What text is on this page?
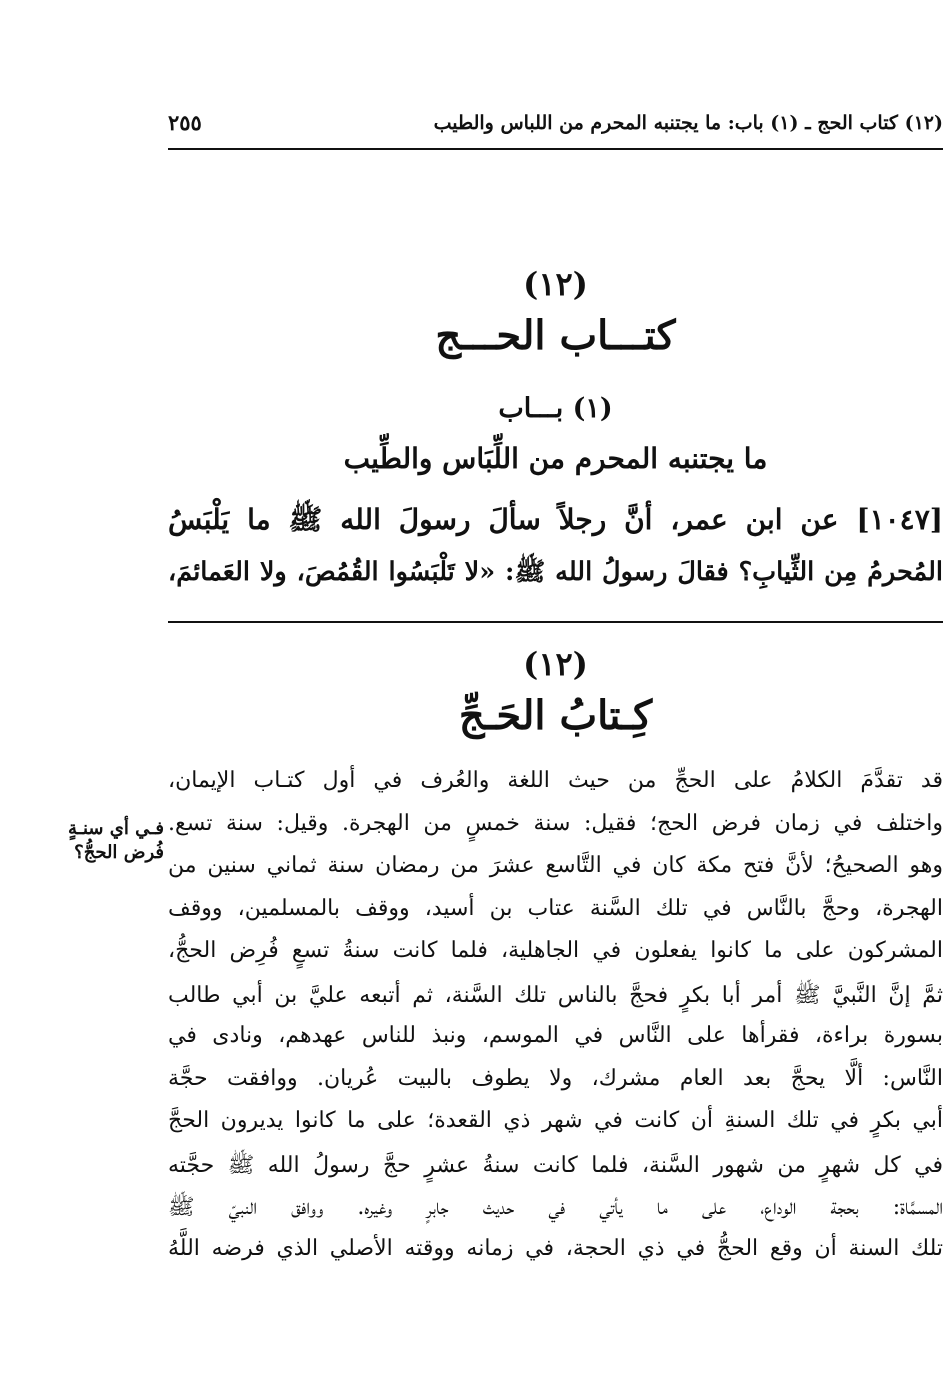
(١٢) كتاب الحج ـ (١) باب: ما يجتنبه المحرم من اللباس والطيب
٢٥٥
(١٢)
كتـــاب الحـــج
(١) بـــاب
ما يجتنبه المحرم من اللِّبَاس والطِّيب
[١٠٤٧] عن ابن عمر، أنَّ رجلاً سألَ رسولَ الله ﷺ ما يَلْبَسُ
المُحرمُ مِن الثِّيابِ؟ فقالَ رسولُ الله ﷺ: «لا تَلْبَسُوا القُمُصَ، ولا العَمائمَ،
(١٢)
كِـتابُ الحَـجِّ
قد تقدَّمَ الكلامُ على الحجِّ من حيث اللغة والعُرف في أول كتـاب الإيمان،
واختلف في زمان فرض الحج؛ فقيل: سنة خمسٍ من الهجرة. وقيل: سنة تسع.
وهو الصحيحُ؛ لأنَّ فتح مكة كان في التَّاسع عشرَ من رمضان سنة ثماني سنين من
الهجرة، وحجَّ بالنَّاس في تلك السَّنة عتاب بن أسيد، ووقف بالمسلمين، ووقف
المشركون على ما كانوا يفعلون في الجاهلية، فلما كانت سنةُ تسعٍ فُرِض الحجُّ،
ثمَّ إنَّ النَّبيَّ ﷺ أمر أبا بكرٍ فحجَّ بالناس تلك السَّنة، ثم أتبعه عليَّ بن أبي طالب
بسورة براءة، فقرأها على النَّاس في الموسم، ونبذ للناس عهدهم، ونادى في
النَّاس: ألَّا يحجَّ بعد العام مشرك، ولا يطوف بالبيت عُريان. ووافقت حجَّة
أبي بكرٍ في تلك السنةِ أن كانت في شهر ذي القعدة؛ على ما كانوا يديرون الحجَّ
في كل شهرٍ من شهور السَّنة، فلما كانت سنةُ عشرٍ حجَّ رسولُ الله ﷺ حجَّته
المسمَّاة: بحجة الوداع، على ما يأتي في حديث جابرٍ وغيره. ووافق النبيّ ﷺ
تلك السنة أن وقع الحجُّ في ذي الحجة، في زمانه ووقته الأصلي الذي فرضه اللَّهُ
فـي أي سنـةٍ
فُرض الحجُّ؟
